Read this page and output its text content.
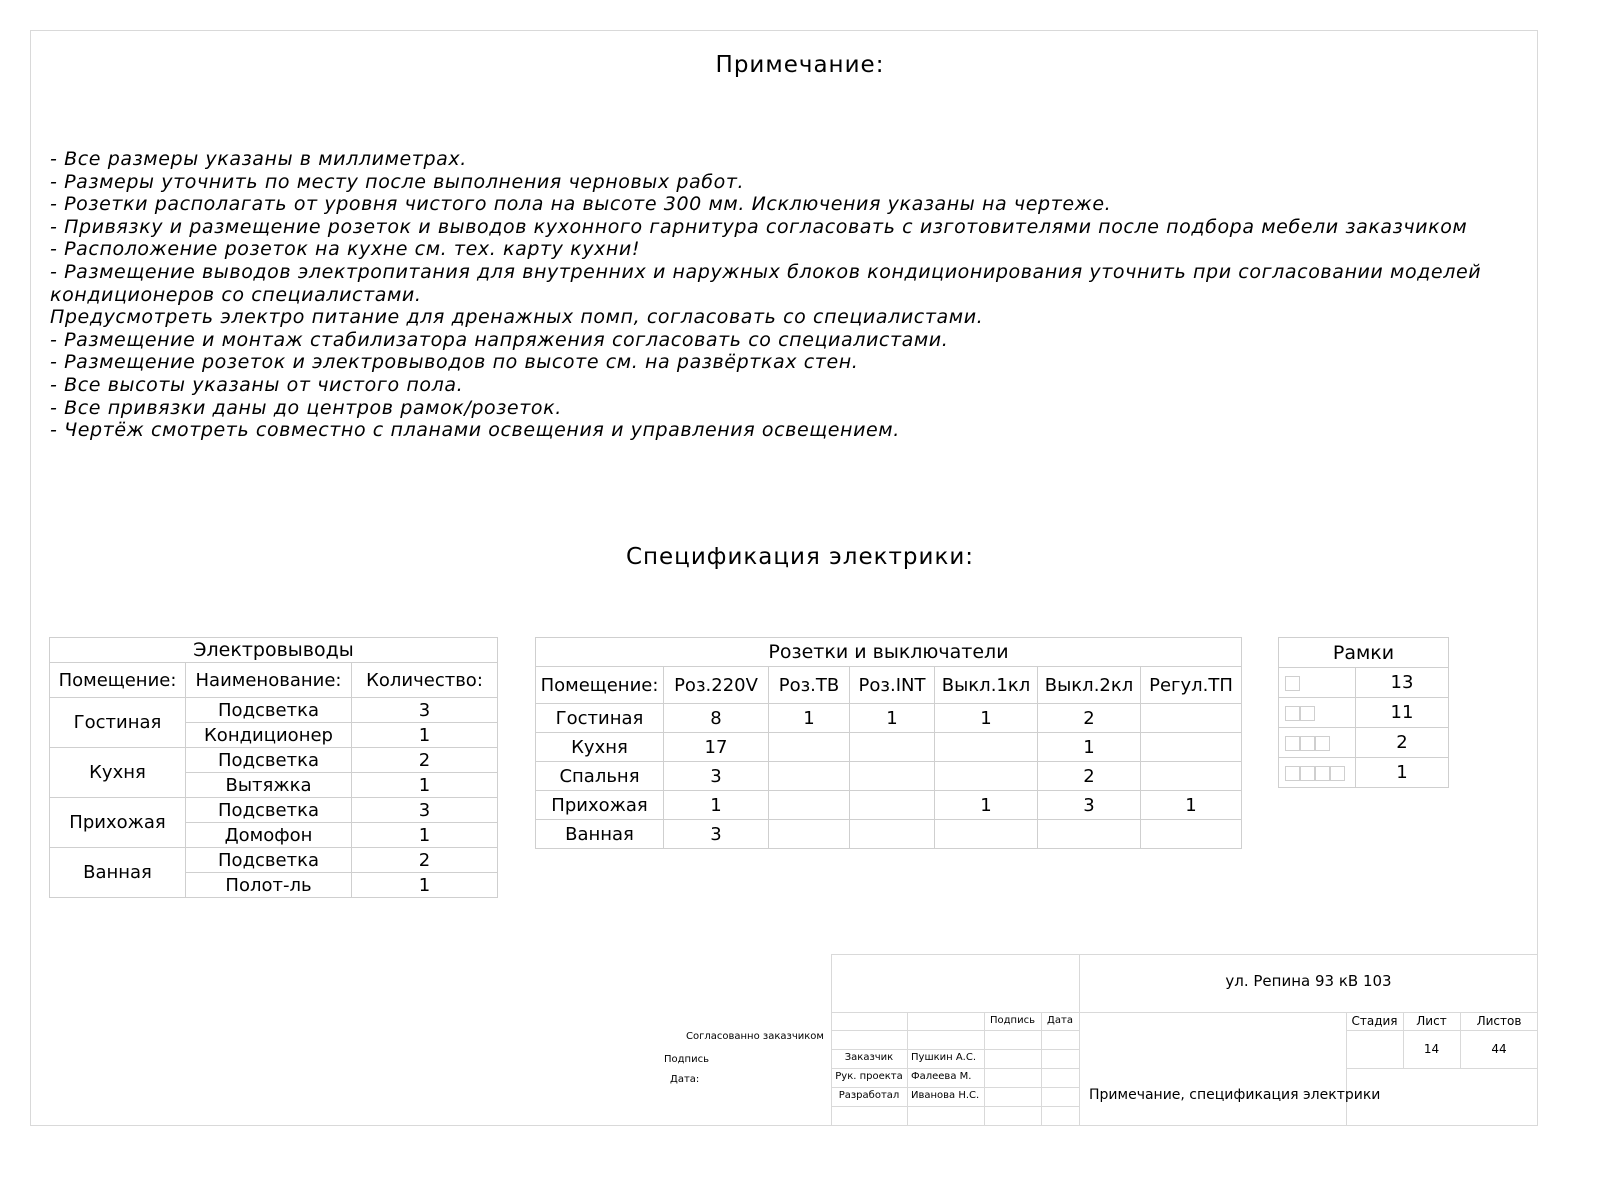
Примечание:
- Все размеры указаны в миллиметрах.
- Размеры уточнить по месту после выполнения черновых работ.
- Розетки располагать от уровня чистого пола на высоте 300 мм. Исключения указаны на чертеже.
- Привязку и размещение розеток и выводов кухонного гарнитура согласовать с изготовителями после подбора мебели заказчиком
- Расположение розеток на кухне см. тех. карту кухни!
- Размещение выводов электропитания для внутренних и наружных блоков кондиционирования уточнить при согласовании моделей кондиционеров со специалистами.
Предусмотреть электро питание для дренажных помп, согласовать со специалистами.
- Размещение и монтаж стабилизатора напряжения согласовать со специалистами.
- Размещение розеток и электровыводов по высоте см. на развёртках стен.
- Все высоты указаны от чистого пола.
- Все привязки даны до центров рамок/розеток.
- Чертёж смотреть совместно с планами освещения и управления освещением.
Спецификация электрики:
Электровыводы		
Помещение:	Наименование:	Количество:
Гостиная	Подсветка	3
	Кондиционер	1
Кухня	Подсветка	2
	Вытяжка	1
Прихожая	Подсветка	3
	Домофон	1
Ванная	Подсветка	2
	Полот-ль	1
Розетки и выключатели						
Помещение:	Роз.220V	Роз.ТВ	Роз.INT	Выкл.1кл	Выкл.2кл	Регул.ТП
Гостиная	8	1	1	1	2	
Кухня	17				1	
Спальня	3				2	
Прихожая	1			1	3	1
Ванная	3					
Рамки	
	13
	11
	2
	1
Согласованно заказчиком
Подпись
Дата:
ул. Репина 93 кВ 103
Подпись	Дата
Заказчик	Пушкин А.С.
Рук. проекта Фалеева М.
Разработал	Иванова Н.С.
Стадия	Лист	Листов
14	44
Примечание, спецификация электрики
